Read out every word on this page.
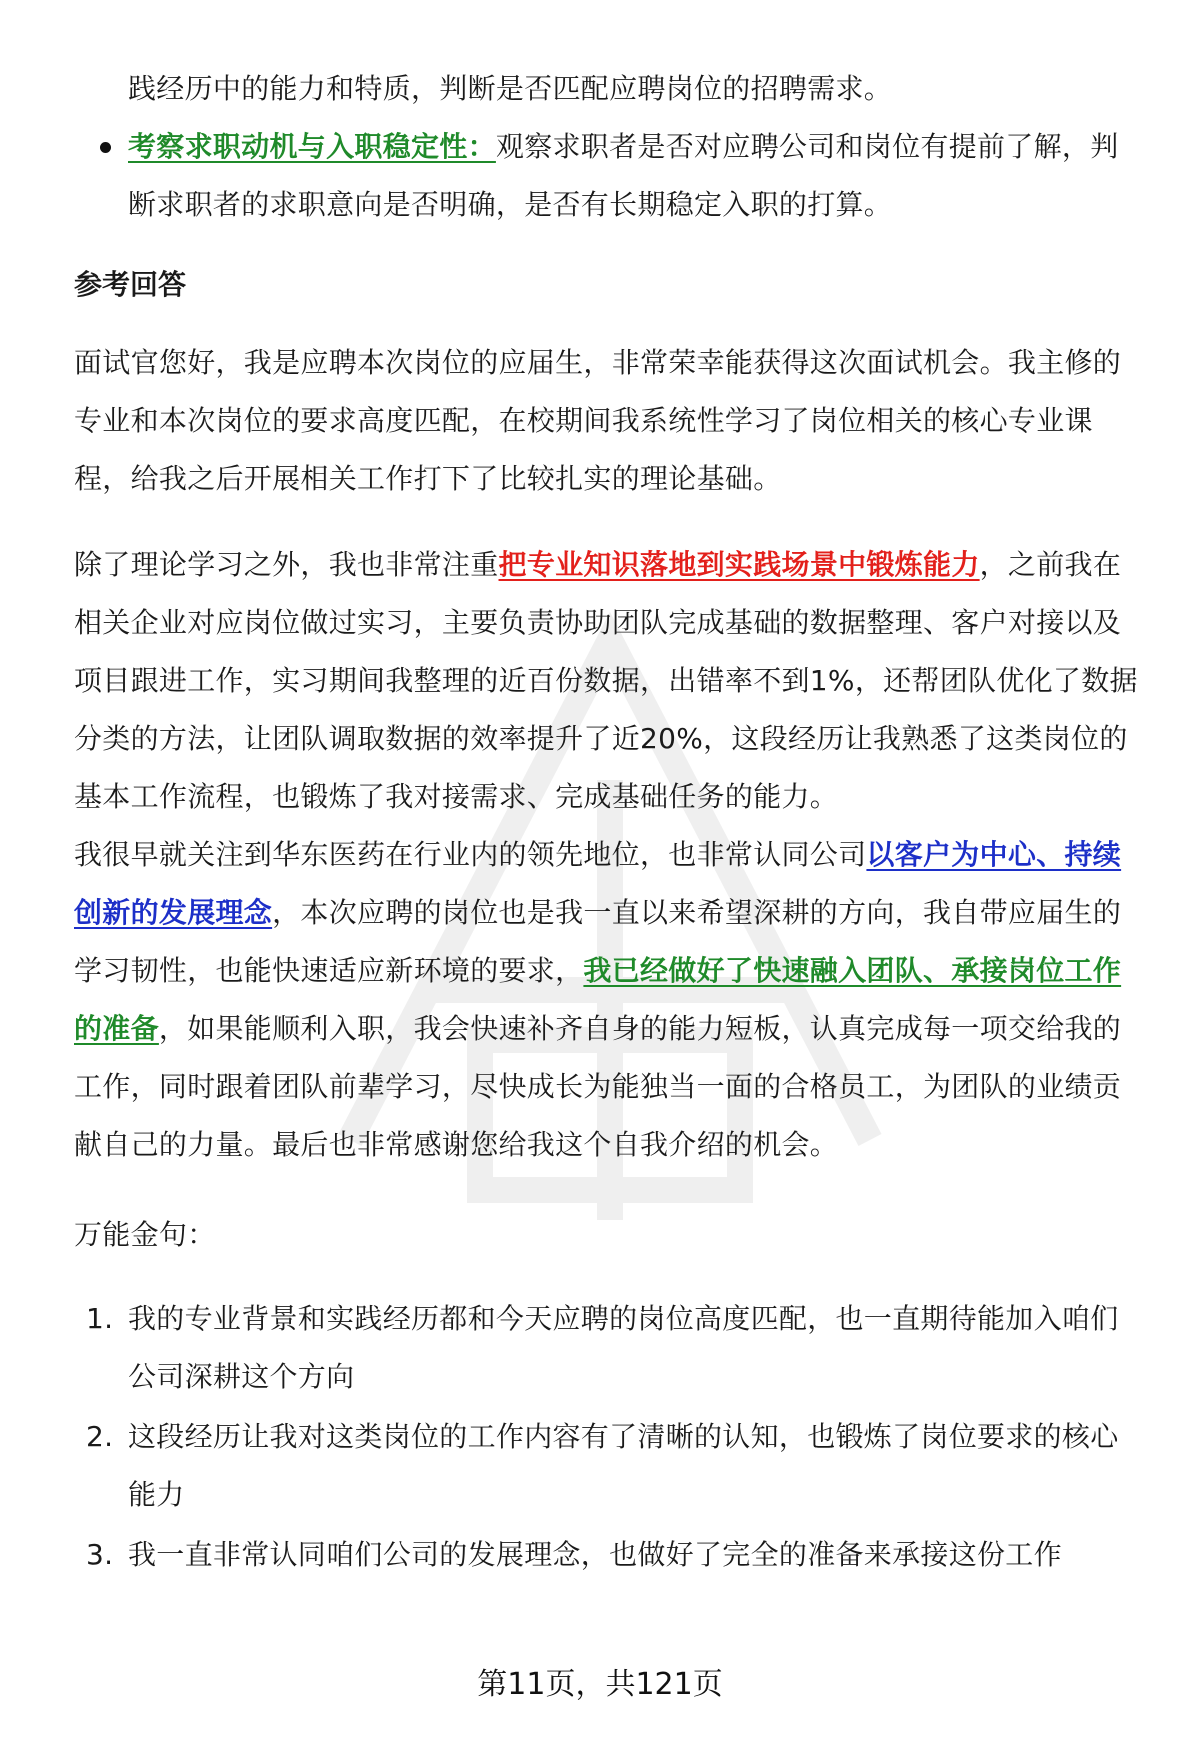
践经历中的能力和特质，判断是否匹配应聘岗位的招聘需求。
考察求职动机与入职稳定性：观察求职者是否对应聘公司和岗位有提前了解，判断求职者的求职意向是否明确，是否有长期稳定入职的打算。
参考回答

面试官您好，我是应聘本次岗位的应届生，非常荣幸能获得这次面试机会。我主修的专业和本次岗位的要求高度匹配，在校期间我系统性学习了岗位相关的核心专业课程，给我之后开展相关工作打下了比较扎实的理论基础。

除了理论学习之外，我也非常注重把专业知识落地到实践场景中锻炼能力，之前我在相关企业对应岗位做过实习，主要负责协助团队完成基础的数据整理、客户对接以及项目跟进工作，实习期间我整理的近百份数据，出错率不到1%，还帮团队优化了数据分类的方法，让团队调取数据的效率提升了近20%，这段经历让我熟悉了这类岗位的基本工作流程，也锻炼了我对接需求、完成基础任务的能力。

我很早就关注到华东医药在行业内的领先地位，也非常认同公司以客户为中心、持续创新的发展理念，本次应聘的岗位也是我一直以来希望深耕的方向，我自带应届生的学习韧性，也能快速适应新环境的要求，我已经做好了快速融入团队、承接岗位工作的准备，如果能顺利入职，我会快速补齐自身的能力短板，认真完成每一项交给我的工作，同时跟着团队前辈学习，尽快成长为能独当一面的合格员工，为团队的业绩贡献自己的力量。最后也非常感谢您给我这个自我介绍的机会。

万能金句：
1. 我的专业背景和实践经历都和今天应聘的岗位高度匹配，也一直期待能加入咱们公司深耕这个方向
2. 这段经历让我对这类岗位的工作内容有了清晰的认知，也锻炼了岗位要求的核心能力
3. 我一直非常认同咱们公司的发展理念，也做好了完全的准备来承接这份工作
第11页，共121页
